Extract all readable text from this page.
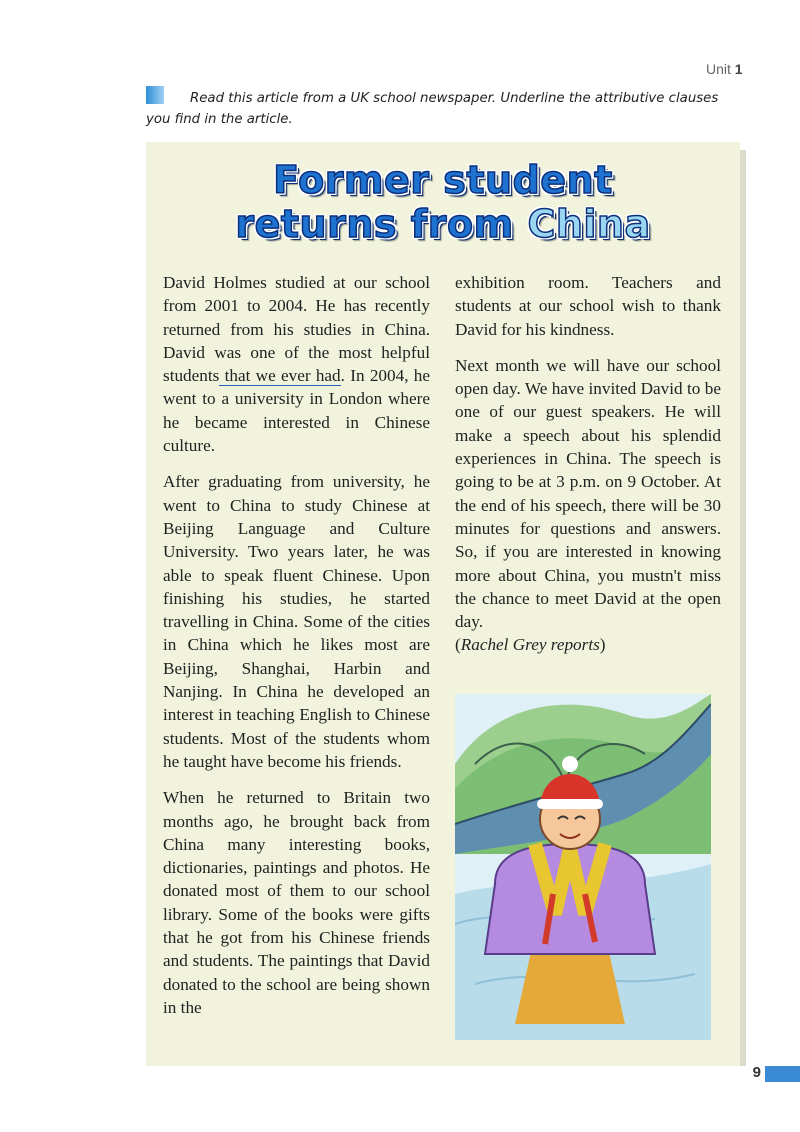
Unit 1
Read this article from a UK school newspaper. Underline the attributive clauses you find in the article.
Former student
returns from China

David Holmes studied at our school from 2001 to 2004. He has recently returned from his studies in China. David was one of the most helpful students that we ever had. In 2004, he went to a university in London where he became interested in Chinese culture.

After graduating from university, he went to China to study Chinese at Beijing Language and Culture University. Two years later, he was able to speak fluent Chinese. Upon finishing his studies, he started travelling in China. Some of the cities in China which he likes most are Beijing, Shanghai, Harbin and Nanjing. In China he developed an interest in teaching English to Chinese students. Most of the students whom he taught have become his friends.

When he returned to Britain two months ago, he brought back from China many interesting books, dictionaries, paintings and photos. He donated most of them to our school library. Some of the books were gifts that he got from his Chinese friends and students. The paintings that David donated to the school are being shown in the

exhibition room. Teachers and students at our school wish to thank David for his kindness.

Next month we will have our school open day. We have invited David to be one of our guest speakers. He will make a speech about his splendid experiences in China. The speech is going to be at 3 p.m. on 9 October. At the end of his speech, there will be 30 minutes for questions and answers. So, if you are interested in knowing more about China, you mustn't miss the chance to meet David at the open day.
(Rachel Grey reports)

9
